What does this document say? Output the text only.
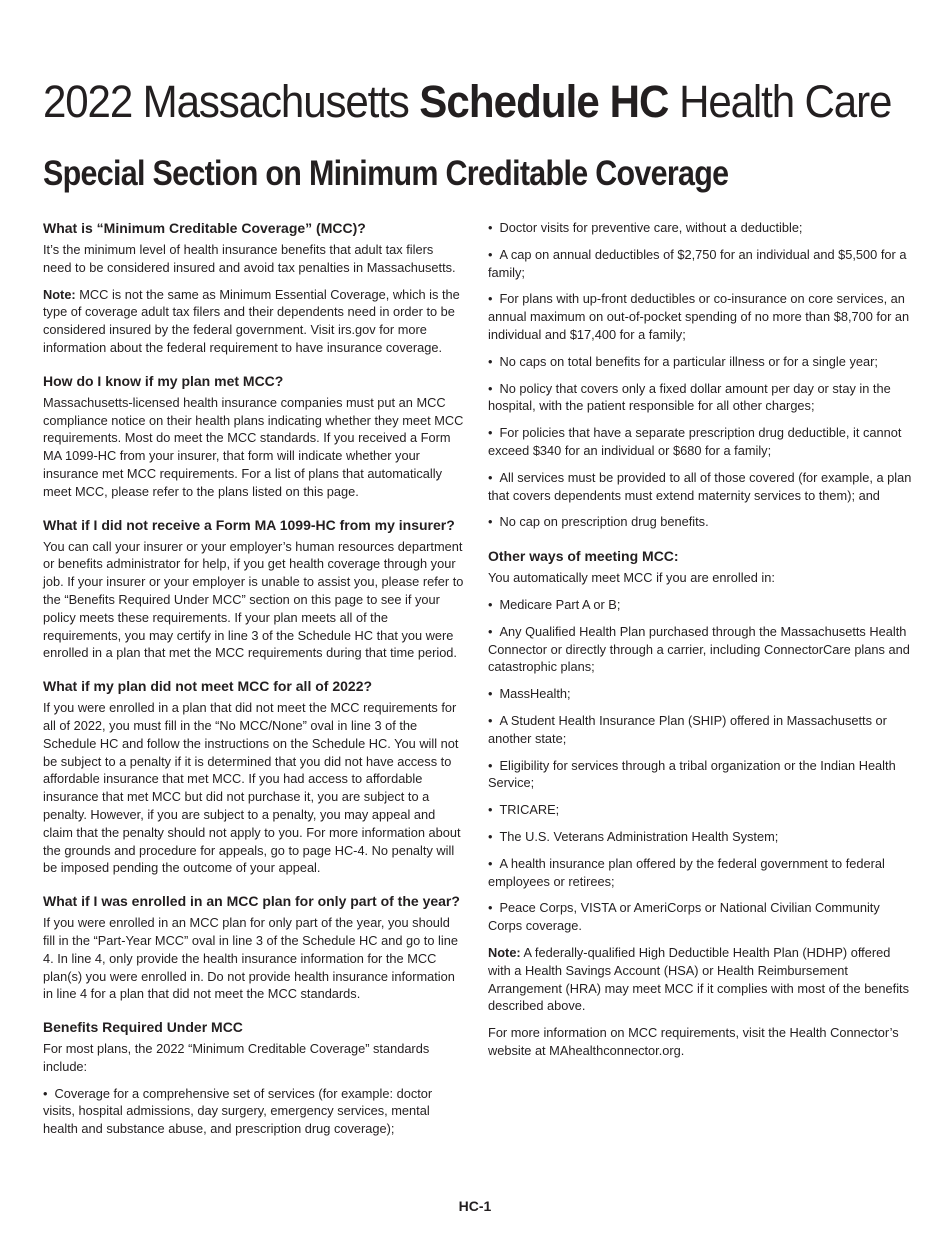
2022 Massachusetts Schedule HC Health Care
Special Section on Minimum Creditable Coverage
What is “Minimum Creditable Coverage” (MCC)?

It’s the minimum level of health insurance benefits that adult tax filers need to be considered insured and avoid tax penalties in Massachusetts.

Note: MCC is not the same as Minimum Essential Coverage, which is the type of coverage adult tax filers and their dependents need in order to be considered insured by the federal government. Visit irs.gov for more information about the federal requirement to have insurance coverage.

How do I know if my plan met MCC?

Massachusetts-licensed health insurance companies must put an MCC compliance notice on their health plans indicating whether they meet MCC requirements. Most do meet the MCC standards. If you received a Form MA 1099-HC from your insurer, that form will indicate whether your insurance met MCC requirements. For a list of plans that automatically meet MCC, please refer to the plans listed on this page.

What if I did not receive a Form MA 1099-HC from my insurer?

You can call your insurer or your employer’s human resources department or benefits administrator for help, if you get health coverage through your job. If your insurer or your employer is unable to assist you, please refer to the “Benefits Required Under MCC” section on this page to see if your policy meets these requirements. If your plan meets all of the requirements, you may certify in line 3 of the Schedule HC that you were enrolled in a plan that met the MCC requirements during that time period.

What if my plan did not meet MCC for all of 2022?

If you were enrolled in a plan that did not meet the MCC requirements for all of 2022, you must fill in the “No MCC/None” oval in line 3 of the Schedule HC and follow the instructions on the Schedule HC. You will not be subject to a penalty if it is determined that you did not have access to affordable insurance that met MCC. If you had access to affordable insurance that met MCC but did not purchase it, you are subject to a penalty. However, if you are subject to a penalty, you may appeal and claim that the penalty should not apply to you. For more information about the grounds and procedure for appeals, go to page HC-4. No penalty will be imposed pending the outcome of your appeal.

What if I was enrolled in an MCC plan for only part of the year?

If you were enrolled in an MCC plan for only part of the year, you should fill in the “Part-Year MCC” oval in line 3 of the Schedule HC and go to line 4. In line 4, only provide the health insurance information for the MCC plan(s) you were enrolled in. Do not provide health insurance information in line 4 for a plan that did not meet the MCC standards.

Benefits Required Under MCC

For most plans, the 2022 “Minimum Creditable Coverage” standards include:

• Coverage for a comprehensive set of services (for example: doctor visits, hospital admissions, day surgery, emergency services, mental health and substance abuse, and prescription drug coverage);

• Doctor visits for preventive care, without a deductible;

• A cap on annual deductibles of $2,750 for an individual and $5,500 for a family;

• For plans with up-front deductibles or co-insurance on core services, an annual maximum on out-of-pocket spending of no more than $8,700 for an individual and $17,400 for a family;

• No caps on total benefits for a particular illness or for a single year;

• No policy that covers only a fixed dollar amount per day or stay in the hospital, with the patient responsible for all other charges;

• For policies that have a separate prescription drug deductible, it cannot exceed $340 for an individual or $680 for a family;

• All services must be provided to all of those covered (for example, a plan that covers dependents must extend maternity services to them); and

• No cap on prescription drug benefits.

Other ways of meeting MCC:

You automatically meet MCC if you are enrolled in:

• Medicare Part A or B;

• Any Qualified Health Plan purchased through the Massachusetts Health Connector or directly through a carrier, including ConnectorCare plans and catastrophic plans;

• MassHealth;

• A Student Health Insurance Plan (SHIP) offered in Massachusetts or another state;

• Eligibility for services through a tribal organization or the Indian Health Service;

• TRICARE;

• The U.S. Veterans Administration Health System;

• A health insurance plan offered by the federal government to federal employees or retirees;

• Peace Corps, VISTA or AmeriCorps or National Civilian Community Corps coverage.

Note: A federally-qualified High Deductible Health Plan (HDHP) offered with a Health Savings Account (HSA) or Health Reimbursement Arrangement (HRA) may meet MCC if it complies with most of the benefits described above.

For more information on MCC requirements, visit the Health Connector’s website at MAhealthconnector.org.

HC-1
